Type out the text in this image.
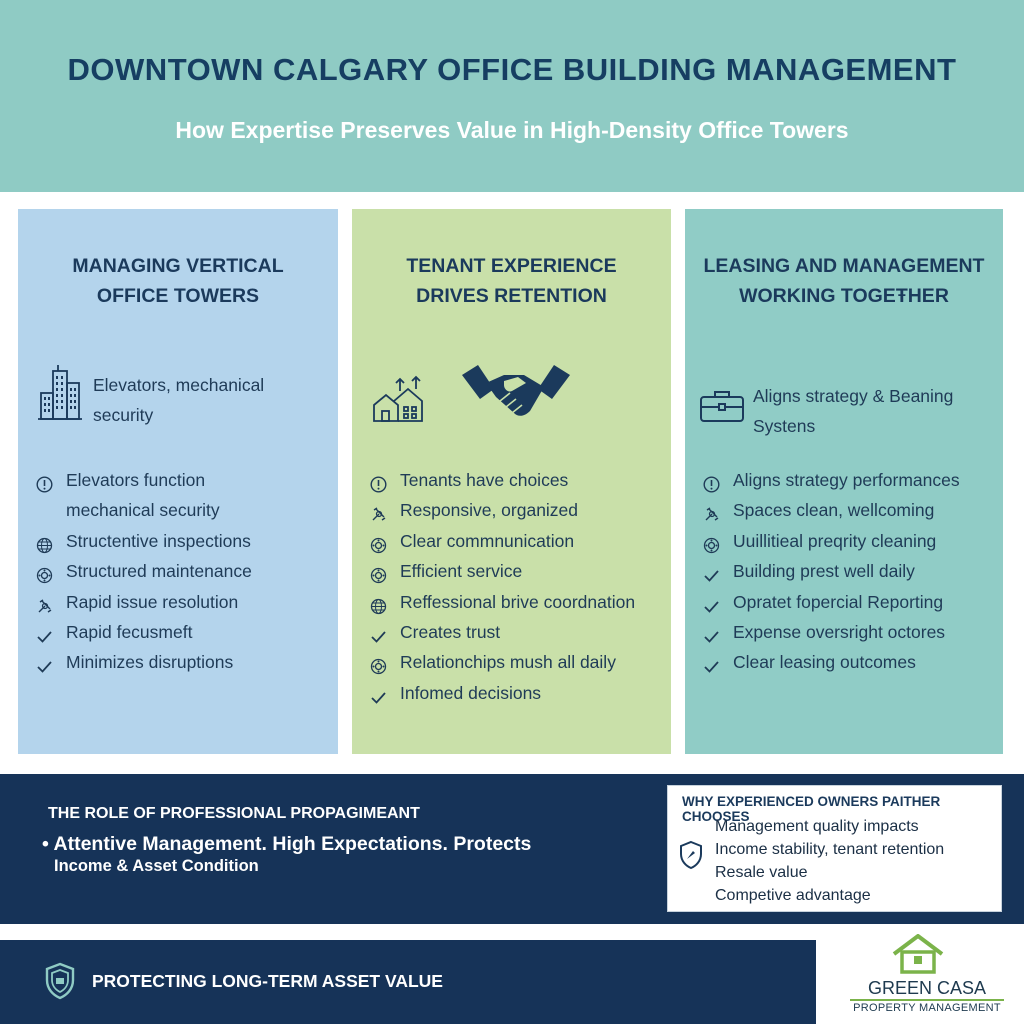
DOWNTOWN CALGARY OFFICE BUILDING MANAGEMENT
How Expertise Preserves Value in High-Density Office Towers
MANAGING VERTICAL
OFFICE TOWERS
Elevators, mechanical
security
Elevators function
mechanical security
Structentive inspections
Structured maintenance
Rapid issue resolution
Rapid fecusmeft
Minimizes disruptions
TENANT EXPERIENCE
DRIVES RETENTION
Tenants have choices
Responsive, organized
Clear commnunication
Efficient service
Reffessional brive coordnation
Creates trust
Relationchips mush all daily
Infomed decisions
LEASING AND MANAGEMENT
WORKING TOGEŦHER
Aligns strategy & Beaning
Systens
Aligns strategy performances
Spaces clean, wellcoming
Uuillitieal preqrity cleaning
Building prest well daily
Opratet fopercial Reporting
Expense oversright octores
Clear leasing outcomes
THE ROLE OF PROFESSIONAL PROPAGIMEANT
• Attentive Management. High Expectations. Protects
Income & Asset Condition
WHY EXPERIENCED OWNERS PAITHER CHOOSES
Management quality impacts
Income stability, tenant retention
Resale value
Competive advantage
PROTECTING LONG-TERM ASSET VALUE	GREEN CASA
PROPERTY MANAGEMENT
